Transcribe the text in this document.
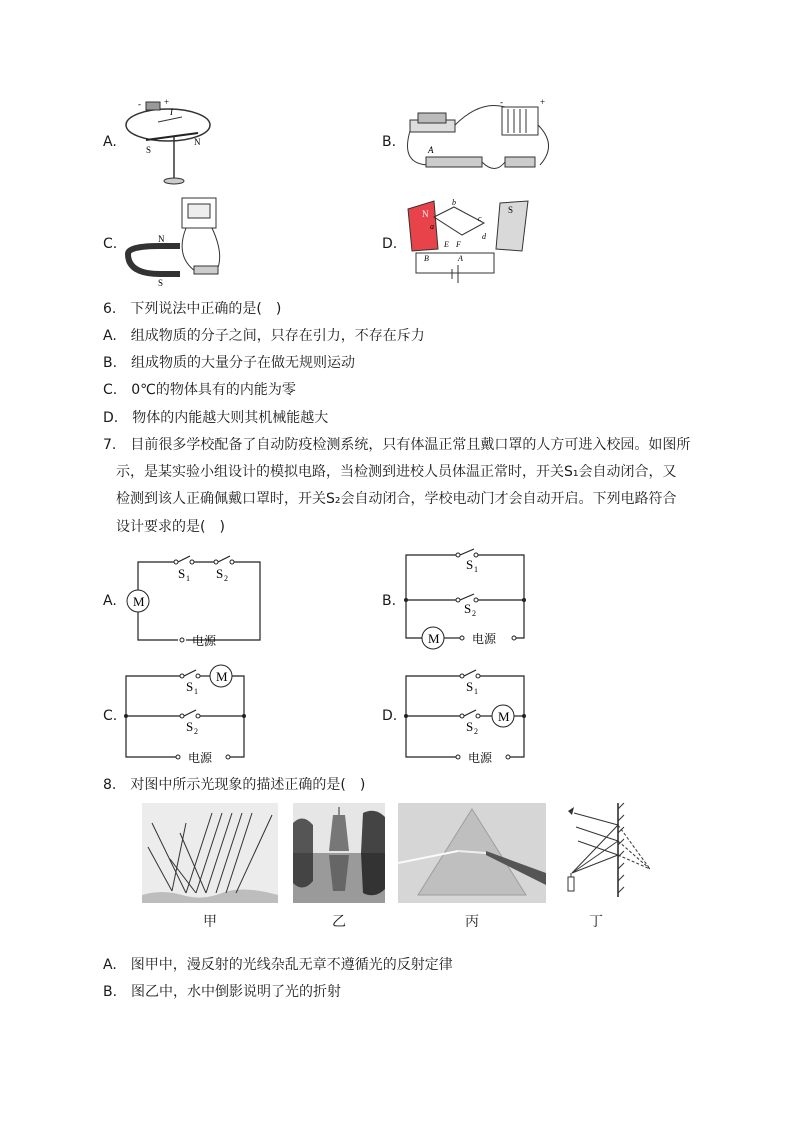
A.
+
-
I
S
N	B.
-	+
A
C.	N
S
D.
N	S
a
b
c
d
E F
B	A
6.　下列说法中正确的是(　)
A.　组成物质的分子之间，只存在引力，不存在斥力
B.　组成物质的大量分子在做无规则运动
C.　0℃的物体具有的内能为零
D.　物体的内能越大则其机械能越大
7.　目前很多学校配备了自动防疫检测系统，只有体温正常且戴口罩的人方可进入校园。如图所
示，是某实验小组设计的模拟电路，当检测到进校人员体温正常时，开关S₁会自动闭合，又
检测到该人正确佩戴口罩时，开关S₂会自动闭合，学校电动门才会自动开启。下列电路符合
设计要求的是(　)
A. M
S 1 S 2
电源
B.
M
S 1
S 2
电源
C.
M
S 1
S 2
电源
D.	M
S 1
S 2
电源
8.　对图中所示光现象的描述正确的是(　)
甲	乙	丙	丁
A.　图甲中，漫反射的光线杂乱无章不遵循光的反射定律
B.　图乙中，水中倒影说明了光的折射
